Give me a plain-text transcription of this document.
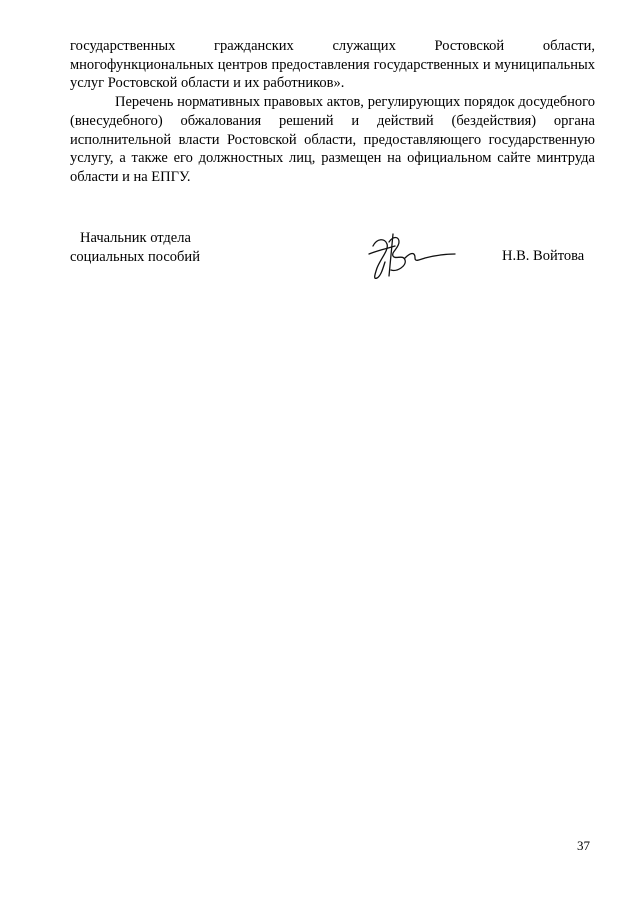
государственных гражданских служащих Ростовской области, многофункциональных центров предоставления государственных и муниципальных услуг Ростовской области и их работников».

Перечень нормативных правовых актов, регулирующих порядок досудебного (внесудебного) обжалования решений и действий (бездействия) органа исполнительной власти Ростовской области, предоставляющего государственную услугу, а также его должностных лиц, размещен на официальном сайте минтруда области и на ЕПГУ.

Начальник отдела
социальных пособий	Н.В. Войтова
37
